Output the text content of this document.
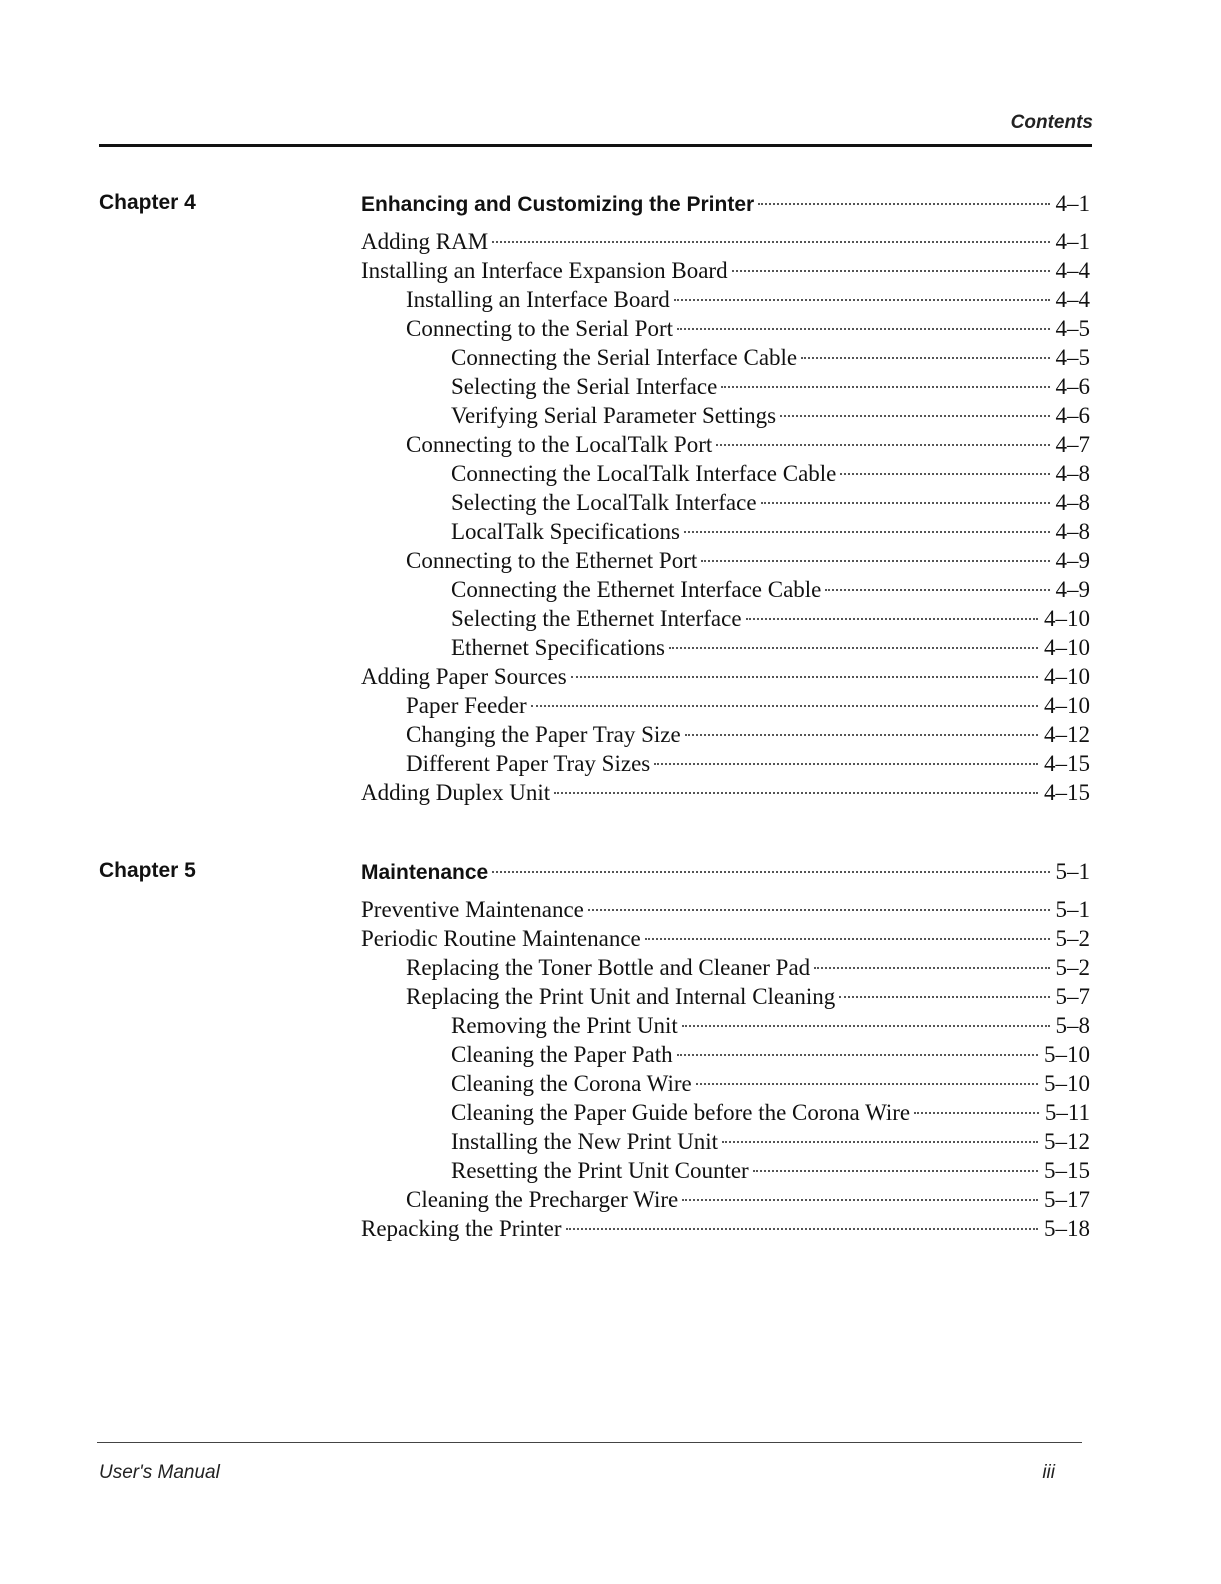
Contents
Chapter 4	Enhancing and Customizing the Printer	4–1
Adding RAM	4–1
Installing an Interface Expansion Board	4–4
Installing an Interface Board	4–4
Connecting to the Serial Port	4–5
Connecting the Serial Interface Cable	4–5
Selecting the Serial Interface	4–6
Verifying Serial Parameter Settings	4–6
Connecting to the LocalTalk Port	4–7
Connecting the LocalTalk Interface Cable	4–8
Selecting the LocalTalk Interface	4–8
LocalTalk Specifications	4–8
Connecting to the Ethernet Port	4–9
Connecting the Ethernet Interface Cable	4–9
Selecting the Ethernet Interface	4–10
Ethernet Specifications	4–10
Adding Paper Sources	4–10
Paper Feeder	4–10
Changing the Paper Tray Size	4–12
Different Paper Tray Sizes	4–15
Adding Duplex Unit	4–15
Chapter 5	Maintenance	5–1
Preventive Maintenance	5–1
Periodic Routine Maintenance	5–2
Replacing the Toner Bottle and Cleaner Pad	5–2
Replacing the Print Unit and Internal Cleaning	5–7
Removing the Print Unit	5–8
Cleaning the Paper Path	5–10
Cleaning the Corona Wire	5–10
Cleaning the Paper Guide before the Corona Wire	5–11
Installing the New Print Unit	5–12
Resetting the Print Unit Counter	5–15
Cleaning the Precharger Wire	5–17
Repacking the Printer	5–18
User's Manual	iii
